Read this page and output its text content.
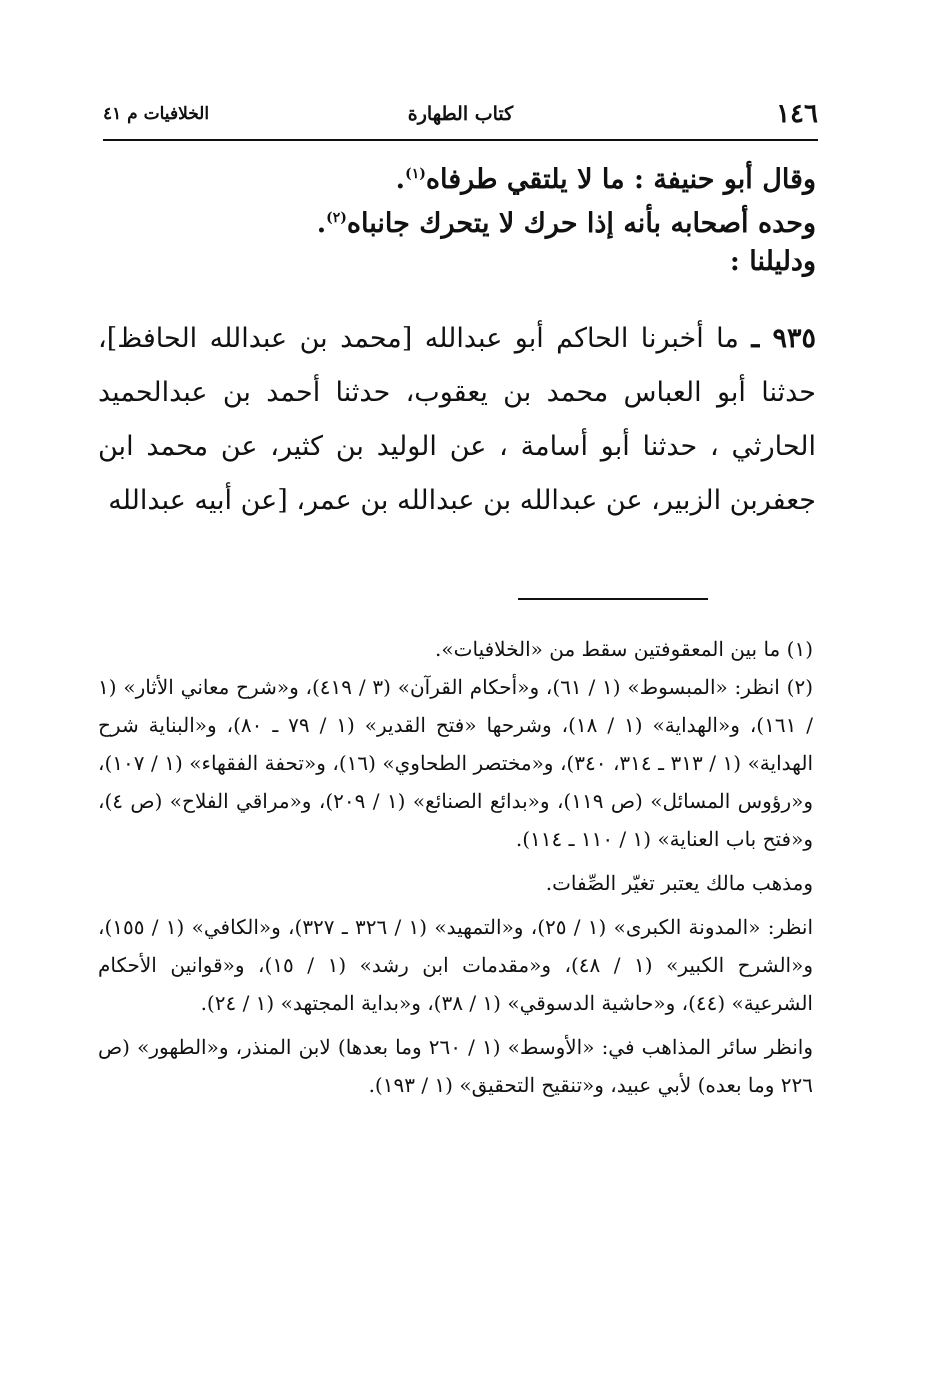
١٤٦
كتاب الطهارة
الخلافيات م ٤١

وقال أبو حنيفة : ما لا يلتقي طرفاه$^{(١)}$.

وحده أصحابه بأنه إذا حرك لا يتحرك جانباه$^{(٢)}$.

ودليلنا :

٩٣٥ ـ ما أخبرنا الحاكم أبو عبدالله [محمد بن عبدالله الحافظ]، حدثنا أبو العباس محمد بن يعقوب، حدثنا أحمد بن عبدالحميد الحارثي ، حدثنا أبو أسامة ، عن الوليد بن كثير، عن محمد ابن جعفربن الزبير، عن عبدالله بن عبدالله بن عمر، [عن أبيه عبدالله

(١) ما بين المعقوفتين سقط من «الخلافيات».

(٢) انظر: «المبسوط» (١ / ٦١)، و«أحكام القرآن» (٣ / ٤١٩)، و«شرح معاني الأثار» (١ / ١٦١)، و«الهداية» (١ / ١٨)، وشرحها «فتح القدير» (١ / ٧٩ ـ ٨٠)، و«البناية شرح الهداية» (١ / ٣١٣ ـ ٣١٤، ٣٤٠)، و«مختصر الطحاوي» (١٦)، و«تحفة الفقهاء» (١ / ١٠٧)، و«رؤوس المسائل» (ص ١١٩)، و«بدائع الصنائع» (١ / ٢٠٩)، و«مراقي الفلاح» (ص ٤)، و«فتح باب العناية» (١ / ١١٠ ـ ١١٤).

ومذهب مالك يعتبر تغيّر الصِّفات.

انظر: «المدونة الكبرى» (١ / ٢٥)، و«التمهيد» (١ / ٣٢٦ ـ ٣٢٧)، و«الكافي» (١ / ١٥٥)، و«الشرح الكبير» (١ / ٤٨)، و«مقدمات ابن رشد» (١ / ١٥)، و«قوانين الأحكام الشرعية» (٤٤)، و«حاشية الدسوقي» (١ / ٣٨)، و«بداية المجتهد» (١ / ٢٤).

وانظر سائر المذاهب في: «الأوسط» (١ / ٢٦٠ وما بعدها) لابن المنذر، و«الطهور» (ص ٢٢٦ وما بعده) لأبي عبيد، و«تنقيح التحقيق» (١ / ١٩٣).
